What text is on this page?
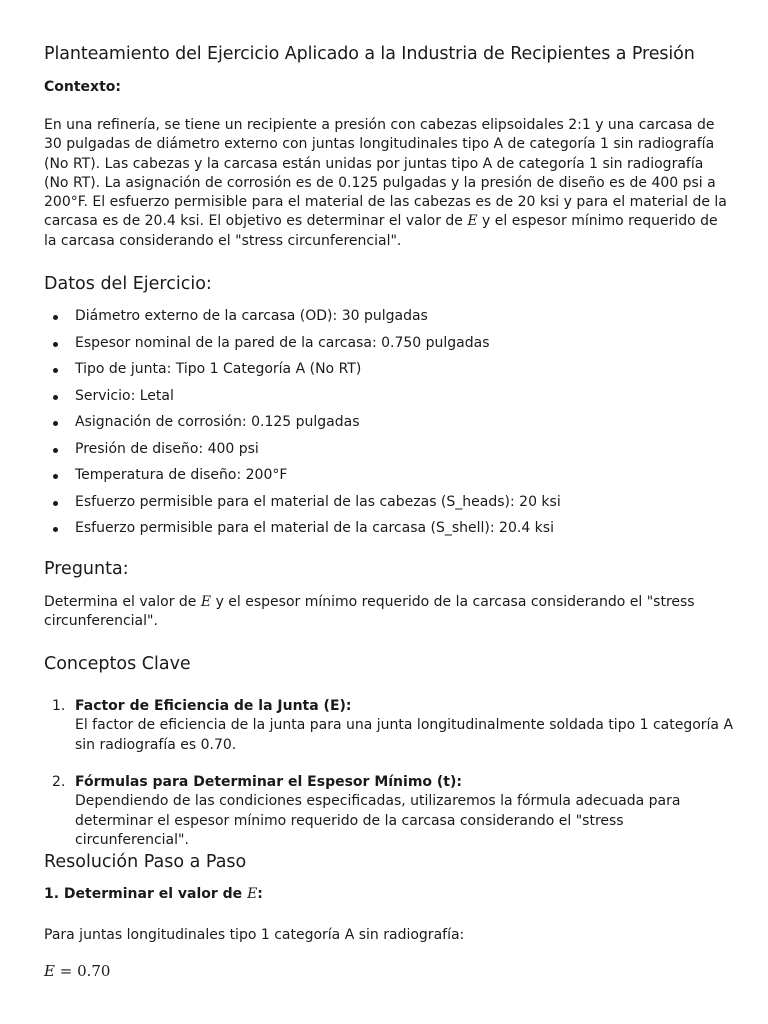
Planteamiento del Ejercicio Aplicado a la Industria de Recipientes a Presión
Contexto:

En una refinería, se tiene un recipiente a presión con cabezas elipsoidales 2:1 y una carcasa de 30 pulgadas de diámetro externo con juntas longitudinales tipo A de categoría 1 sin radiografía (No RT). Las cabezas y la carcasa están unidas por juntas tipo A de categoría 1 sin radiografía (No RT). La asignación de corrosión es de 0.125 pulgadas y la presión de diseño es de 400 psi a 200°F. El esfuerzo permisible para el material de las cabezas es de 20 ksi y para el material de la carcasa es de 20.4 ksi. El objetivo es determinar el valor de E y el espesor mínimo requerido de la carcasa considerando el "stress circunferencial".

Datos del Ejercicio:
Diámetro externo de la carcasa (OD): 30 pulgadas
Espesor nominal de la pared de la carcasa: 0.750 pulgadas
Tipo de junta: Tipo 1 Categoría A (No RT)
Servicio: Letal
Asignación de corrosión: 0.125 pulgadas
Presión de diseño: 400 psi
Temperatura de diseño: 200°F
Esfuerzo permisible para el material de las cabezas (S_heads): 20 ksi
Esfuerzo permisible para el material de la carcasa (S_shell): 20.4 ksi
Pregunta:

Determina el valor de E y el espesor mínimo requerido de la carcasa considerando el "stress circunferencial".

Conceptos Clave
1. Factor de Eficiencia de la Junta (E):
El factor de eficiencia de la junta para una junta longitudinalmente soldada tipo 1 categoría A sin radiografía es 0.70.
2. Fórmulas para Determinar el Espesor Mínimo (t):
Dependiendo de las condiciones especificadas, utilizaremos la fórmula adecuada para determinar el espesor mínimo requerido de la carcasa considerando el "stress circunferencial".
Resolución Paso a Paso
1. Determinar el valor de E:

Para juntas longitudinales tipo 1 categoría A sin radiografía:

E = 0.70
